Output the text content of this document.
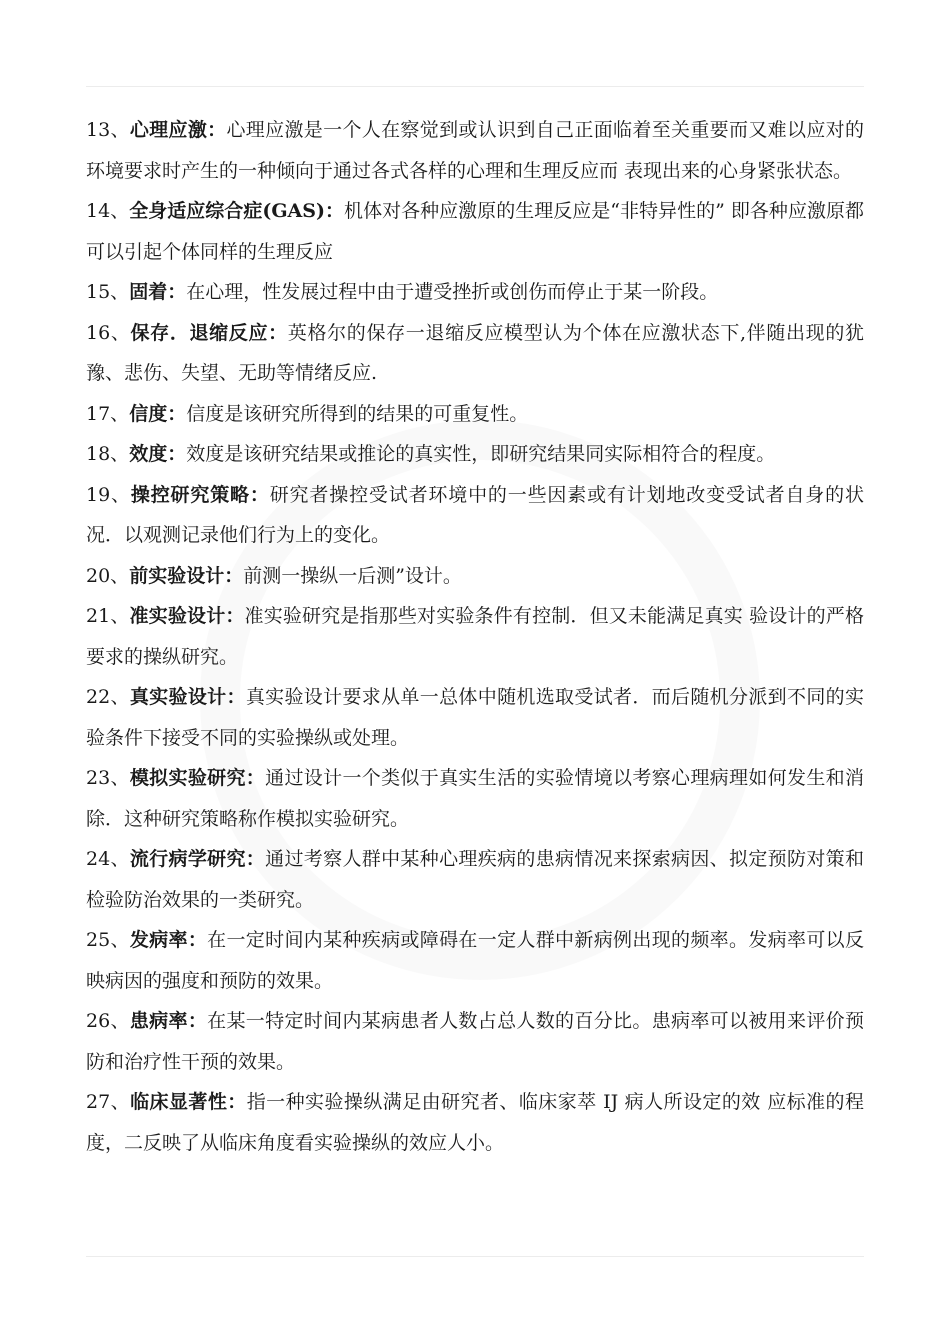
13、心理应激：心理应激是一个人在察觉到或认识到自己正面临着至关重要而又难以应对的环境要求时产生的一种倾向于通过各式各样的心理和生理反应而 表现出来的心身紧张状态。

14、全身适应综合症(GAS)：机体对各种应激原的生理反应是“非特异性的” 即各种应激原都可以引起个体同样的生理反应

15、固着：在心理，性发展过程中由于遭受挫折或创伤而停止于某一阶段。

16、保存．退缩反应：英格尔的保存一退缩反应模型认为个体在应激状态下,伴随出现的犹豫、悲伤、失望、无助等情绪反应.

17、信度：信度是该研究所得到的结果的可重复性。

18、效度：效度是该研究结果或推论的真实性，即研究结果同实际相符合的程度。

19、操控研究策略：研究者操控受试者环境中的一些因素或有计划地改变受试者自身的状况．以观测记录他们行为上的变化。

20、前实验设计：前测一操纵一后测”设计。

21、准实验设计：准实验研究是指那些对实验条件有控制．但又未能满足真实 验设计的严格要求的操纵研究。

22、真实验设计：真实验设计要求从单一总体中随机选取受试者．而后随机分派到不同的实验条件下接受不同的实验操纵或处理。

23、模拟实验研究：通过设计一个类似于真实生活的实验情境以考察心理病理如何发生和消除．这种研究策略称作模拟实验研究。

24、流行病学研究：通过考察人群中某种心理疾病的患病情况来探索病因、拟定预防对策和检验防治效果的一类研究。

25、发病率：在一定时间内某种疾病或障碍在一定人群中新病例出现的频率。发病率可以反映病因的强度和预防的效果。

26、患病率：在某一特定时间内某病患者人数占总人数的百分比。患病率可以被用来评价预防和治疗性干预的效果。

27、临床显著性：指一种实验操纵满足由研究者、临床家萃 IJ 病人所设定的效 应标准的程度，二反映了从临床角度看实验操纵的效应人小。
